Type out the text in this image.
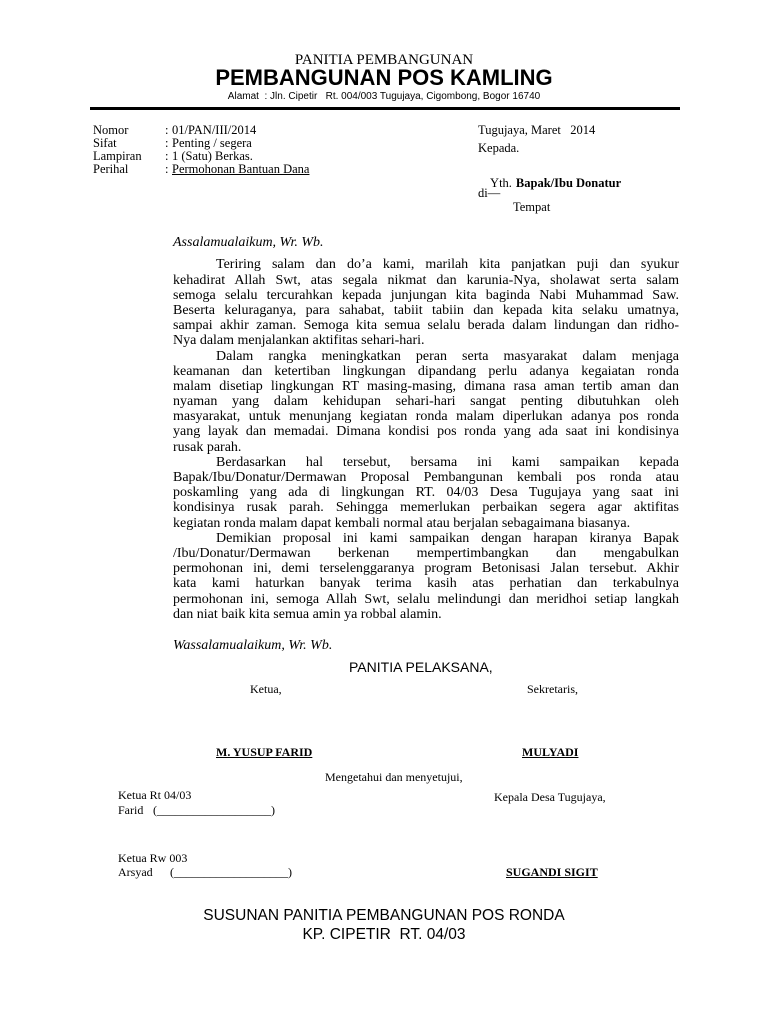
PANITIA PEMBANGUNAN
PEMBANGUNAN POS KAMLING
Alamat  : Jln. Cipetir   Rt. 004/003 Tugujaya, Cigombong, Bogor 16740
Nomor	: 01/PAN/III/2014
Sifat	: Penting / segera
Lampiran : 1 (Satu) Berkas.
Perihal	: Permohonan Bantuan Dana
Tugujaya, Maret   2014
Kepada.

Yth. Bapak/Ibu Donatur

di—
Tempat
Assalamualaikum, Wr. Wb.
Teriring salam dan do’a kami, marilah kita panjatkan puji dan syukur
kehadirat Allah Swt, atas segala nikmat dan karunia-Nya, sholawat serta salam
semoga selalu tercurahkan kepada junjungan kita baginda Nabi Muhammad Saw.
Beserta keluraganya, para sahabat, tabiit tabiin dan kepada kita selaku umatnya,
sampai akhir zaman. Semoga kita semua selalu berada dalam lindungan dan ridho-
Nya dalam menjalankan aktifitas sehari-hari.
Dalam rangka meningkatkan peran serta masyarakat dalam menjaga
keamanan dan ketertiban lingkungan dipandang perlu adanya kegaiatan ronda
malam disetiap lingkungan RT masing-masing, dimana rasa aman tertib aman dan
nyaman yang dalam kehidupan sehari-hari sangat penting dibutuhkan oleh
masyarakat, untuk menunjang kegiatan ronda malam diperlukan adanya pos ronda
yang layak dan memadai. Dimana kondisi pos ronda yang ada saat ini kondisinya
rusak parah.
Berdasarkan hal tersebut, bersama ini kami sampaikan kepada
Bapak/Ibu/Donatur/Dermawan Proposal Pembangunan kembali pos ronda atau
poskamling yang ada di lingkungan RT. 04/03 Desa Tugujaya yang saat ini
kondisinya rusak parah. Sehingga memerlukan perbaikan segera agar aktifitas
kegiatan ronda malam dapat kembali normal atau berjalan sebagaimana biasanya.
Demikian proposal ini kami sampaikan dengan harapan kiranya Bapak
/Ibu/Donatur/Dermawan berkenan mempertimbangkan dan mengabulkan
permohonan ini, demi terselenggaranya program Betonisasi Jalan tersebut. Akhir
kata kami haturkan banyak terima kasih atas perhatian dan terkabulnya
permohonan ini, semoga Allah Swt, selalu melindungi dan meridhoi setiap langkah
dan niat baik kita semua amin ya robbal alamin.
Wassalamualaikum, Wr. Wb.
PANITIA PELAKSANA,
Ketua,	Sekretaris,
M. YUSUP FARID	MULYADI
Mengetahui dan menyetujui,
Ketua Rt 04/03
Farid (___________________)
Kepala Desa Tugujaya,
Ketua Rw 003
Arsyad (___________________)	SUGANDI SIGIT
SUSUNAN PANITIA PEMBANGUNAN POS RONDA
KP. CIPETIR  RT. 04/03
